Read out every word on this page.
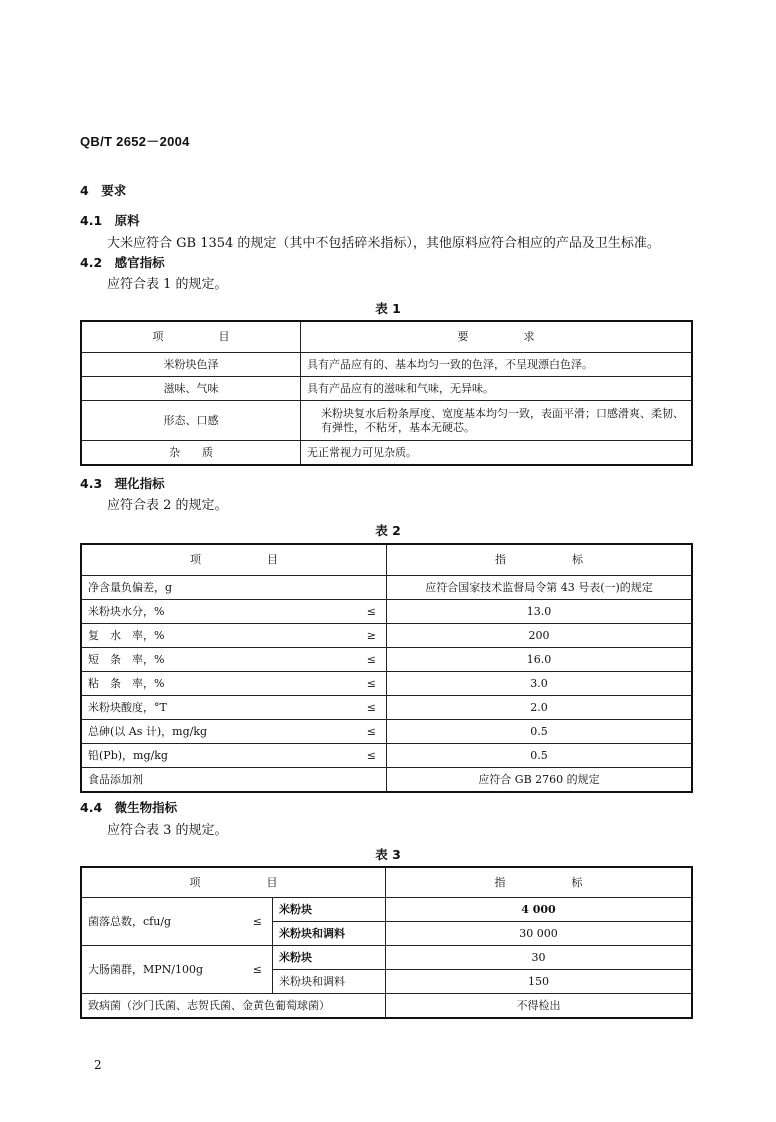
QB/T 2652－2004
4　要求
4.1　原料
大米应符合 GB 1354 的规定（其中不包括碎米指标），其他原料应符合相应的产品及卫生标准。
4.2　感官指标
应符合表 1 的规定。
表 1
项　　　　　目	要　　　　　求
米粉块色泽	具有产品应有的、基本均匀一致的色泽，不呈现漂白色泽。
滋味、气味	具有产品应有的滋味和气味，无异味。
形态、口感	米粉块复水后粉条厚度、宽度基本均匀一致，表面平滑；口感滑爽、柔韧、有弹性，不粘牙，基本无硬芯。
杂　　质	无正常视力可见杂质。
4.3　理化指标
应符合表 2 的规定。
表 2
项　　　　　　目	指　　　　　　标
净含量负偏差，g	应符合国家技术监督局令第 43 号表(一)的规定
米粉块水分，% ≤	13.0
复　水　率，% ≥	200
短　条　率，% ≤	16.0
粘　条　率，% ≤	3.0
米粉块酸度，°T ≤	2.0
总砷(以 As 计)，mg/kg ≤	0.5
铅(Pb)，mg/kg ≤	0.5
食品添加剂	应符合 GB 2760 的规定
4.4　微生物指标
应符合表 3 的规定。
表 3
项　　　　　　目		指　　　　　　标
菌落总数，cfu/g ≤	米粉块	4 000
	米粉块和调料	30 000
大肠菌群，MPN/100g ≤	米粉块	30
	米粉块和调料	150
致病菌（沙门氏菌、志贺氏菌、金黄色葡萄球菌）		不得检出
2
